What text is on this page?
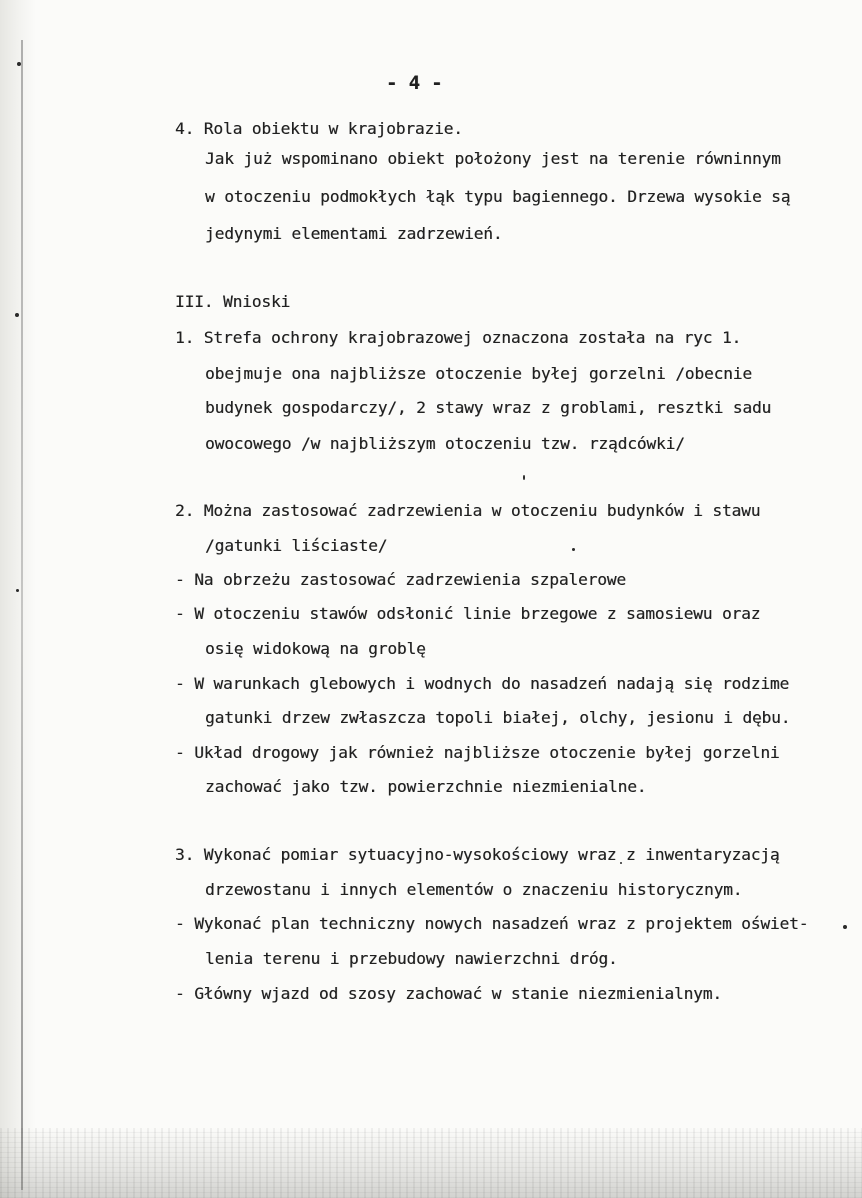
- 4 -
4. Rola obiektu w krajobrazie.
Jak już wspominano obiekt położony jest na terenie równinnym
w otoczeniu podmokłych łąk typu bagiennego. Drzewa wysokie są
jedynymi elementami zadrzewień.
III. Wnioski
1. Strefa ochrony krajobrazowej oznaczona została na ryc 1.
obejmuje ona najbliższe otoczenie byłej gorzelni /obecnie
budynek gospodarczy/, 2 stawy wraz z groblami, resztki sadu
owocowego /w najbliższym otoczeniu tzw. rządcówki/
2. Można zastosować zadrzewienia w otoczeniu budynków i stawu
/gatunki liściaste/
- Na obrzeżu zastosować zadrzewienia szpalerowe
- W otoczeniu stawów odsłonić linie brzegowe z samosiewu oraz
osię widokową na groblę
- W warunkach glebowych i wodnych do nasadzeń nadają się rodzime
gatunki drzew zwłaszcza topoli białej, olchy, jesionu i dębu.
- Układ drogowy jak również najbliższe otoczenie byłej gorzelni
zachować jako tzw. powierzchnie niezmienialne.
3. Wykonać pomiar sytuacyjno-wysokościowy wraz z inwentaryzacją
drzewostanu i innych elementów o znaczeniu historycznym.
- Wykonać plan techniczny nowych nasadzeń wraz z projektem oświet-
lenia terenu i przebudowy nawierzchni dróg.
- Główny wjazd od szosy zachować w stanie niezmienialnym.
